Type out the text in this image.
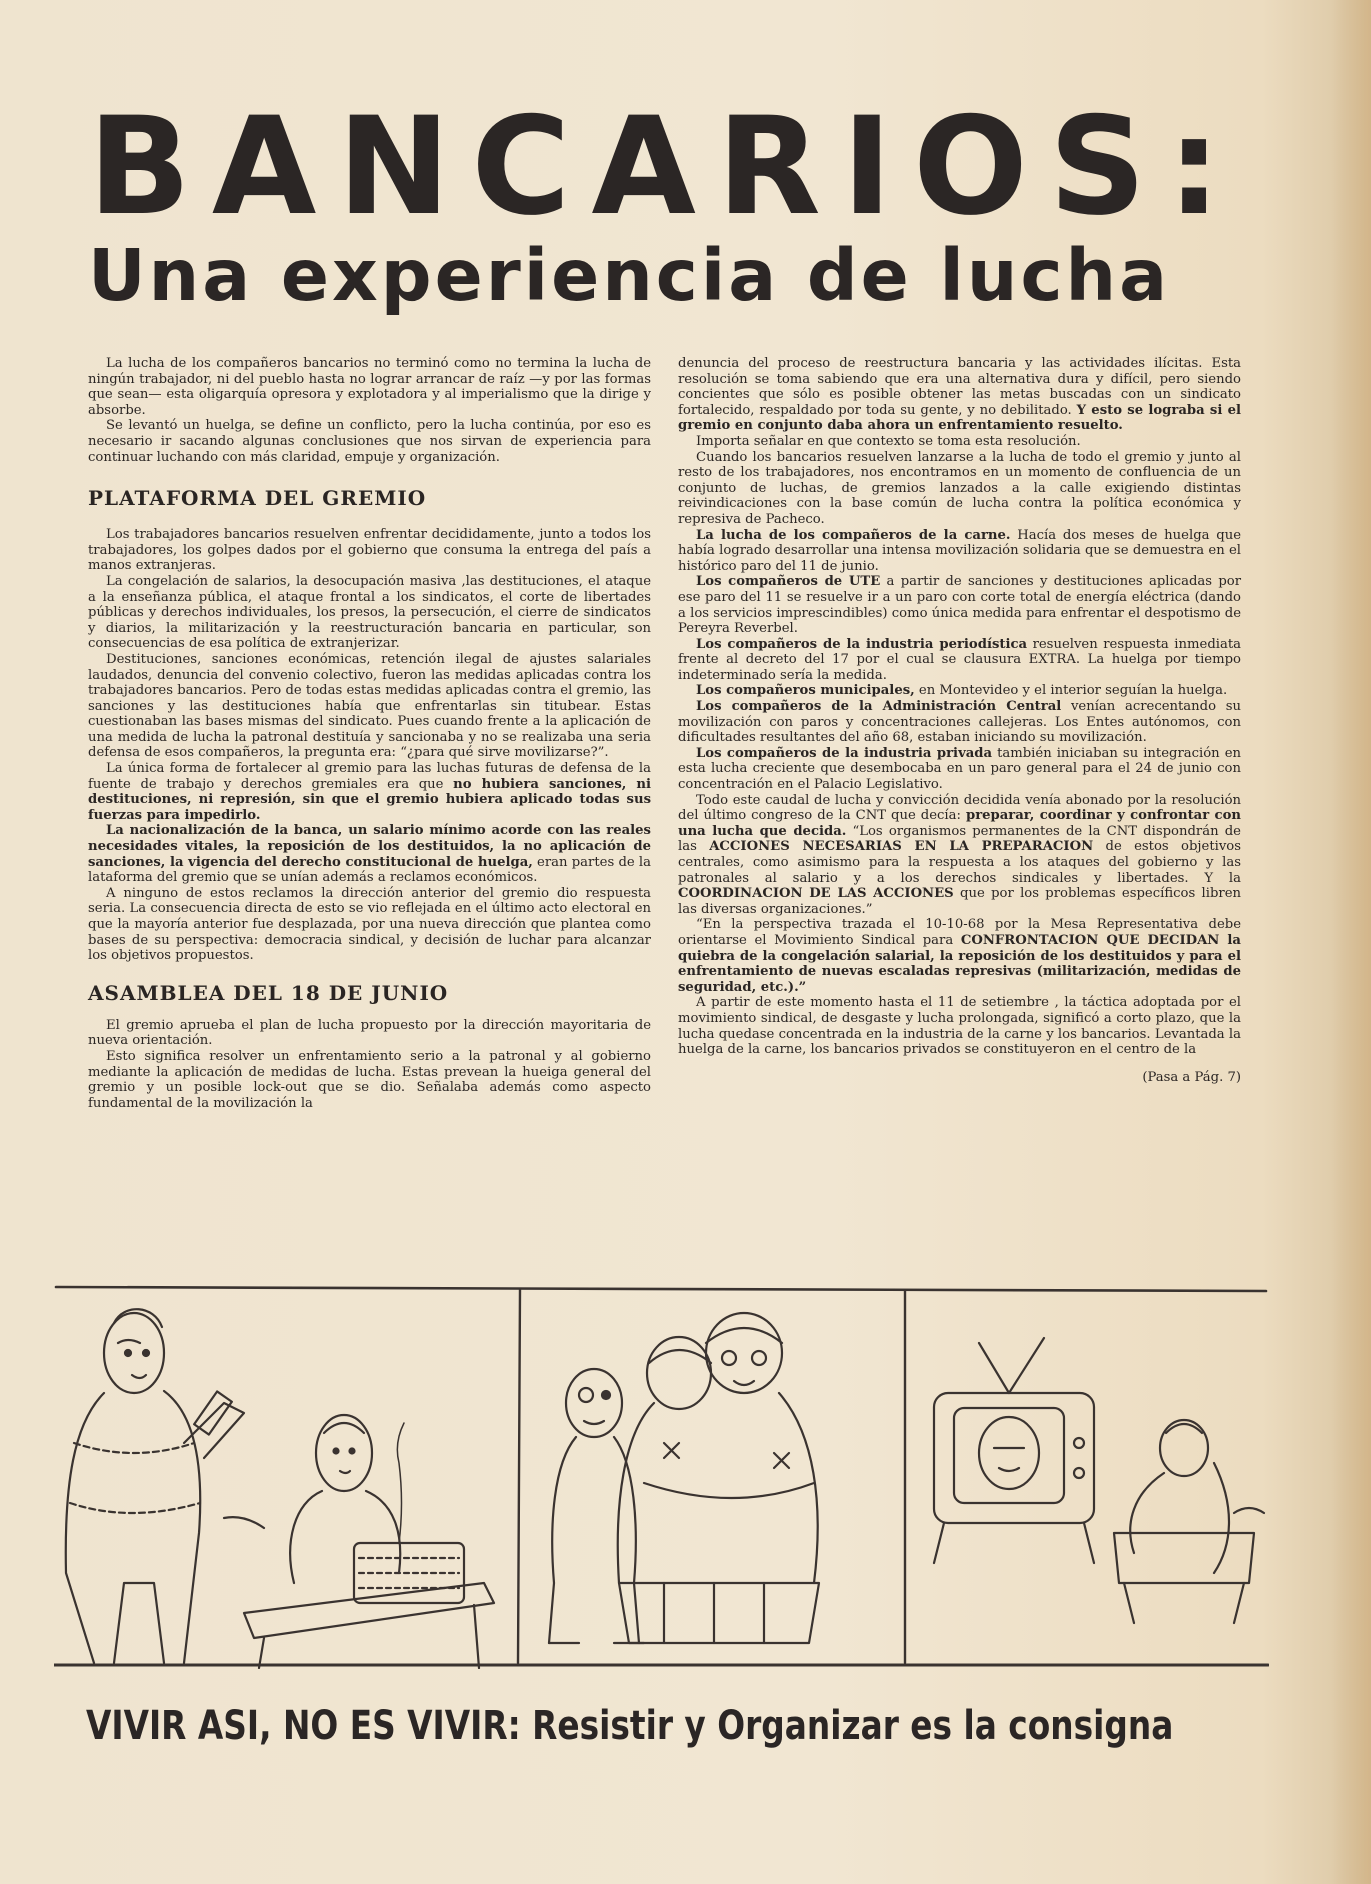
BANCARIOS:
Una experiencia de lucha

La lucha de los compañeros bancarios no terminó como no termina la lucha de ningún trabajador, ni del pueblo hasta no lograr arrancar de raíz —y por las formas que sean— esta oligarquía opresora y explotadora y al imperialismo que la dirige y absorbe.

Se levantó un huelga, se define un conflicto, pero la lucha continúa, por eso es necesario ir sacando algunas conclusiones que nos sirvan de experiencia para continuar luchando con más claridad, empuje y organización.

PLATAFORMA DEL GREMIO

Los trabajadores bancarios resuelven enfrentar decididamente, junto a todos los trabajadores, los golpes dados por el gobierno que consuma la entrega del país a manos extranjeras.

La congelación de salarios, la desocupación masiva ,las destituciones, el ataque a la enseñanza pública, el ataque frontal a los sindicatos, el corte de libertades públicas y derechos individuales, los presos, la persecución, el cierre de sindicatos y diarios, la militarización y la reestructuración bancaria en particular, son consecuencias de esa política de extranjerizar.

Destituciones, sanciones económicas, retención ilegal de ajustes salariales laudados, denuncia del convenio colectivo, fueron las medidas aplicadas contra los trabajadores bancarios. Pero de todas estas medidas aplicadas contra el gremio, las sanciones y las destituciones había que enfrentarlas sin titubear. Estas cuestionaban las bases mismas del sindicato. Pues cuando frente a la aplicación de una medida de lucha la patronal destituía y sancionaba y no se realizaba una seria defensa de esos compañeros, la pregunta era: “¿para qué sirve movilizarse?”.

La única forma de fortalecer al gremio para las luchas futuras de defensa de la fuente de trabajo y derechos gremiales era que no hubiera sanciones, ni destituciones, ni represión, sin que el gremio hubiera aplicado todas sus fuerzas para impedirlo.

La nacionalización de la banca, un salario mínimo acorde con las reales necesidades vitales, la reposición de los destituidos, la no aplicación de sanciones, la vigencia del derecho constitucional de huelga, eran partes de la lataforma del gremio que se unían además a reclamos económicos.

A ninguno de estos reclamos la dirección anterior del gremio dio respuesta seria. La consecuencia directa de esto se vio reflejada en el último acto electoral en que la mayoría anterior fue desplazada, por una nueva dirección que plantea como bases de su perspectiva: democracia sindical, y decisión de luchar para alcanzar los objetivos propuestos.

ASAMBLEA DEL 18 DE JUNIO

El gremio aprueba el plan de lucha propuesto por la dirección mayoritaria de nueva orientación.

Esto significa resolver un enfrentamiento serio a la patronal y al gobierno mediante la aplicación de medidas de lucha. Estas prevean la hueiga general del gremio y un posible lock-out que se dio. Señalaba además como aspecto fundamental de la movilización la

denuncia del proceso de reestructura bancaria y las actividades ilícitas. Esta resolución se toma sabiendo que era una alternativa dura y difícil, pero siendo concientes que sólo es posible obtener las metas buscadas con un sindicato fortalecido, respaldado por toda su gente, y no debilitado. Y esto se lograba si el gremio en conjunto daba ahora un enfrentamiento resuelto.

Importa señalar en que contexto se toma esta resolución.

Cuando los bancarios resuelven lanzarse a la lucha de todo el gremio y junto al resto de los trabajadores, nos encontramos en un momento de confluencia de un conjunto de luchas, de gremios lanzados a la calle exigiendo distintas reivindicaciones con la base común de lucha contra la política económica y represiva de Pacheco.

La lucha de los compañeros de la carne. Hacía dos meses de huelga que había logrado desarrollar una intensa movilización solidaria que se demuestra en el histórico paro del 11 de junio.

Los compañeros de UTE a partir de sanciones y destituciones aplicadas por ese paro del 11 se resuelve ir a un paro con corte total de energía eléctrica (dando a los servicios imprescindibles) como única medida para enfrentar el despotismo de Pereyra Reverbel.

Los compañeros de la industria periodística resuelven respuesta inmediata frente al decreto del 17 por el cual se clausura EXTRA. La huelga por tiempo indeterminado sería la medida.

Los compañeros municipales, en Montevideo y el interior seguían la huelga.

Los compañeros de la Administración Central venían acrecentando su movilización con paros y concentraciones callejeras. Los Entes autónomos, con dificultades resultantes del año 68, estaban iniciando su movilización.

Los compañeros de la industria privada también iniciaban su integración en esta lucha creciente que desembocaba en un paro general para el 24 de junio con concentración en el Palacio Legislativo.

Todo este caudal de lucha y convicción decidida venía abonado por la resolución del último congreso de la CNT que decía: preparar, coordinar y confrontar con una lucha que decida. “Los organismos permanentes de la CNT dispondrán de las ACCIONES NECESARIAS EN LA PREPARACION de estos objetivos centrales, como asimismo para la respuesta a los ataques del gobierno y las patronales al salario y a los derechos sindicales y libertades. Y la COORDINACION DE LAS ACCIONES que por los problemas específicos libren las diversas organizaciones.”

“En la perspectiva trazada el 10-10-68 por la Mesa Representativa debe orientarse el Movimiento Sindical para CONFRONTACION QUE DECIDAN la quiebra de la congelación salarial, la reposición de los destituidos y para el enfrentamiento de nuevas escaladas represivas (militarización, medidas de seguridad, etc.).”

A partir de este momento hasta el 11 de setiembre , la táctica adoptada por el movimiento sindical, de desgaste y lucha prolongada, significó a corto plazo, que la lucha quedase concentrada en la industria de la carne y los bancarios. Levantada la huelga de la carne, los bancarios privados se constituyeron en el centro de la

(Pasa a Pág. 7)
VIVIR ASI, NO ES VIVIR: Resistir y Organizar es la consigna
